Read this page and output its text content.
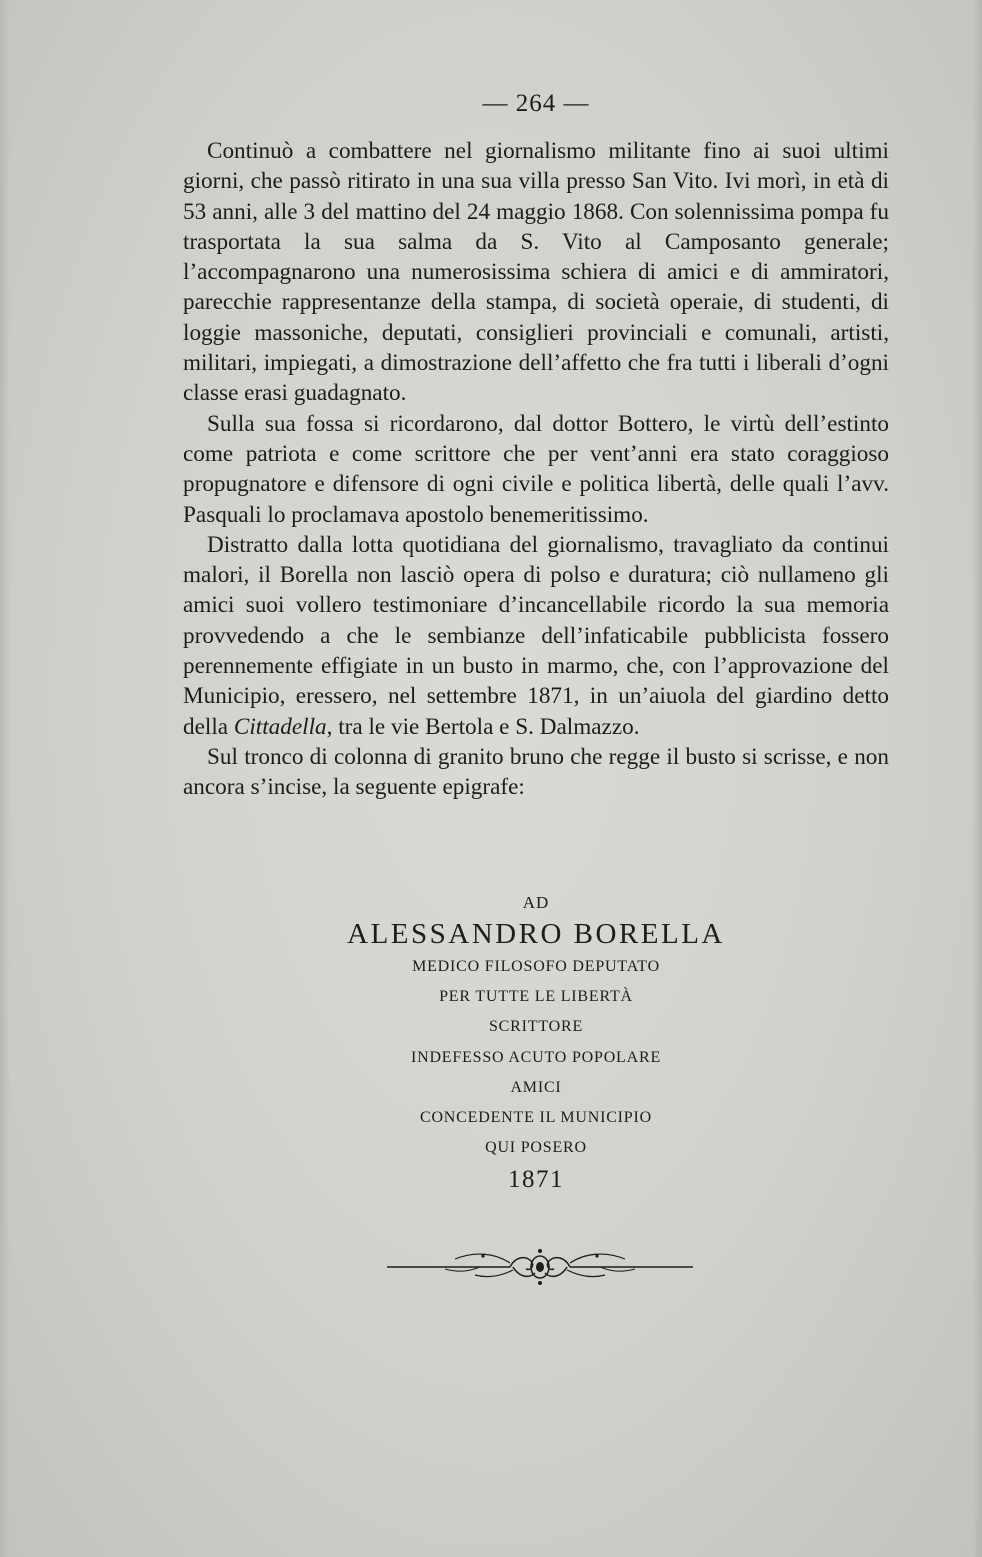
— 264 —

Continuò a combattere nel giornalismo militante fino ai suoi ultimi giorni, che passò ritirato in una sua villa presso San Vito. Ivi morì, in età di 53 anni, alle 3 del mattino del 24 maggio 1868. Con solennissima pompa fu trasportata la sua salma da S. Vito al Camposanto generale; l’accompagnarono una numerosissima schiera di amici e di ammiratori, parecchie rappresentanze della stampa, di società operaie, di studenti, di loggie massoniche, deputati, consiglieri provinciali e comunali, artisti, militari, impiegati, a dimostrazione dell’affetto che fra tutti i liberali d’ogni classe erasi guadagnato.

Sulla sua fossa si ricordarono, dal dottor Bottero, le virtù dell’estinto come patriota e come scrittore che per vent’anni era stato coraggioso propugnatore e difensore di ogni civile e politica libertà, delle quali l’avv. Pasquali lo proclamava apostolo benemeritissimo.

Distratto dalla lotta quotidiana del giornalismo, travagliato da continui malori, il Borella non lasciò opera di polso e duratura; ciò nullameno gli amici suoi vollero testimoniare d’incancellabile ricordo la sua memoria provvedendo a che le sembianze dell’infaticabile pubblicista fossero perennemente effigiate in un busto in marmo, che, con l’approvazione del Municipio, eressero, nel settembre 1871, in un’aiuola del giardino detto della Cittadella, tra le vie Bertola e S. Dalmazzo.

Sul tronco di colonna di granito bruno che regge il busto si scrisse, e non ancora s’incise, la seguente epigrafe:

AD
ALESSANDRO BORELLA
MEDICO FILOSOFO DEPUTATO
PER TUTTE LE LIBERTÀ
SCRITTORE
INDEFESSO ACUTO POPOLARE
AMICI
CONCEDENTE IL MUNICIPIO
QUI POSERO
1871
